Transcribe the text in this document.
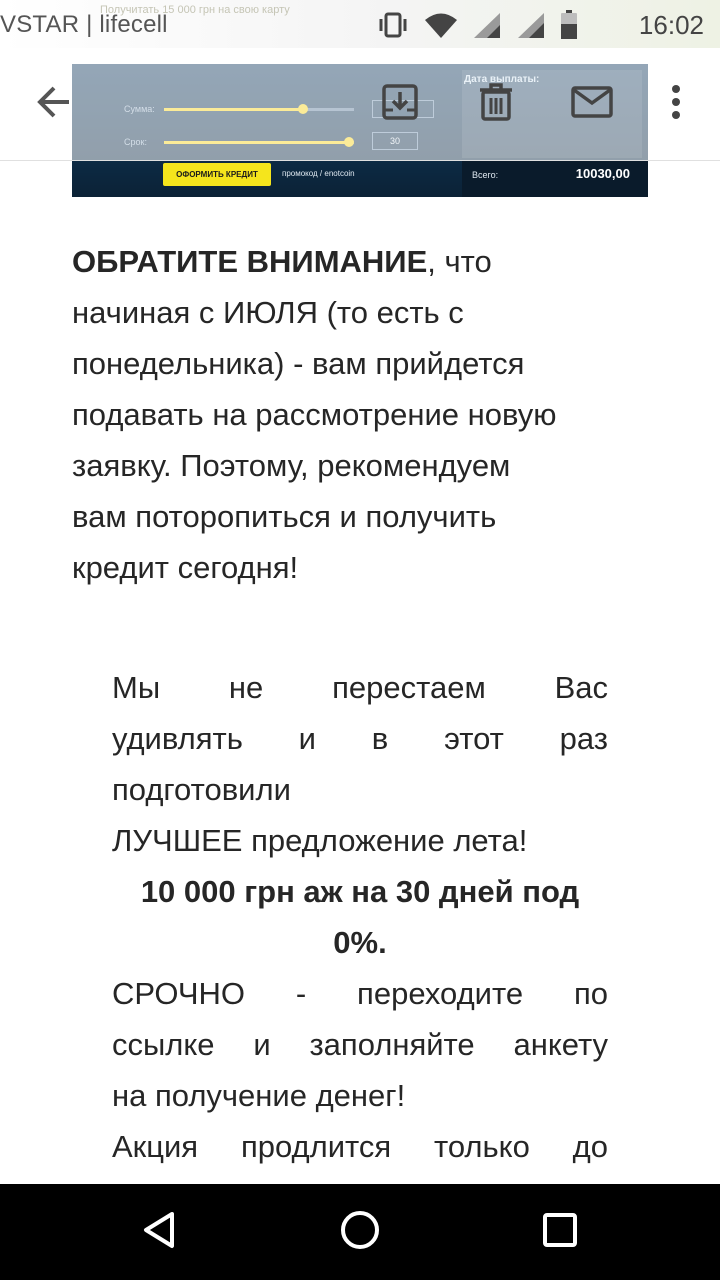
ОФОРМИТЬ КРЕДИТ	промокод / enotcoin	Всего:	10030,00
Получитать 15 000 грн на свою карту
VSTAR | lifecell	16:02
ОБРАТИТЕ ВНИМАНИЕ, что
начиная с ИЮЛЯ (то есть с
понедельника) - вам прийдется
подавать на рассмотрение новую
заявку. Поэтому, рекомендуем
вам поторопиться и получить
кредит сегодня!
Мы не перестаем Вас
удивлять и в этот раз
подготовили
ЛУЧШЕЕ предложение лета!
10 000 грн аж на 30 дней под
0%.
СРОЧНО - переходите по
ссылке и заполняйте анкету
на получение денег!
Акция продлится только до
